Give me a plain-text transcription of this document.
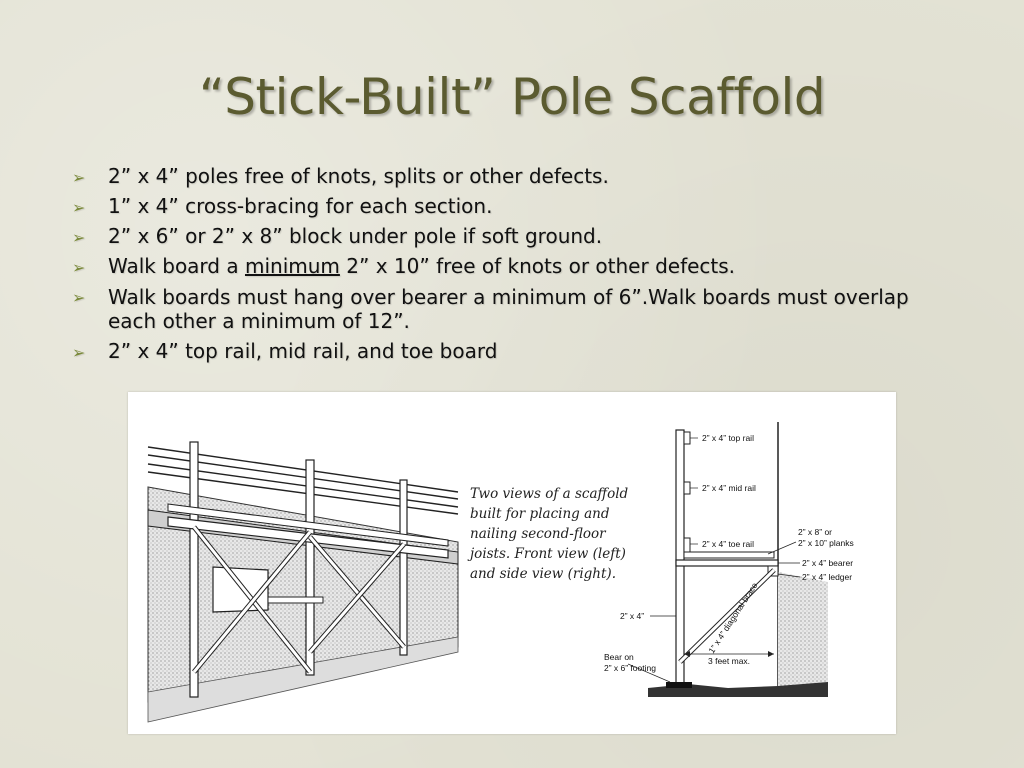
“Stick-Built” Pole Scaffold
➢ 2” x 4” poles free of knots, splits or other defects.
➢ 1” x 4” cross-bracing for each section.
➢ 2” x 6” or 2” x 8” block under pole if soft ground.
➢ Walk board a minimum 2” x 10” free of knots or other defects.
➢ Walk boards must hang over bearer a minimum of 6”.Walk boards must overlap each other a minimum of 12”.
➢ 2” x 4” top rail, mid rail, and toe board
2” x 4” top rail
2” x 4” mid rail
2” x 4” toe rail
2” x 8” or
2” x 10” planks
2” x 4” bearer
2” x 4” ledger
2” x 4”	1” x 4” diagonal brace
Bear on
2” x 6” footing
3 feet max.
Two views of a scaffold built for placing and nailing second-floor joists. Front view (left) and side view (right).
